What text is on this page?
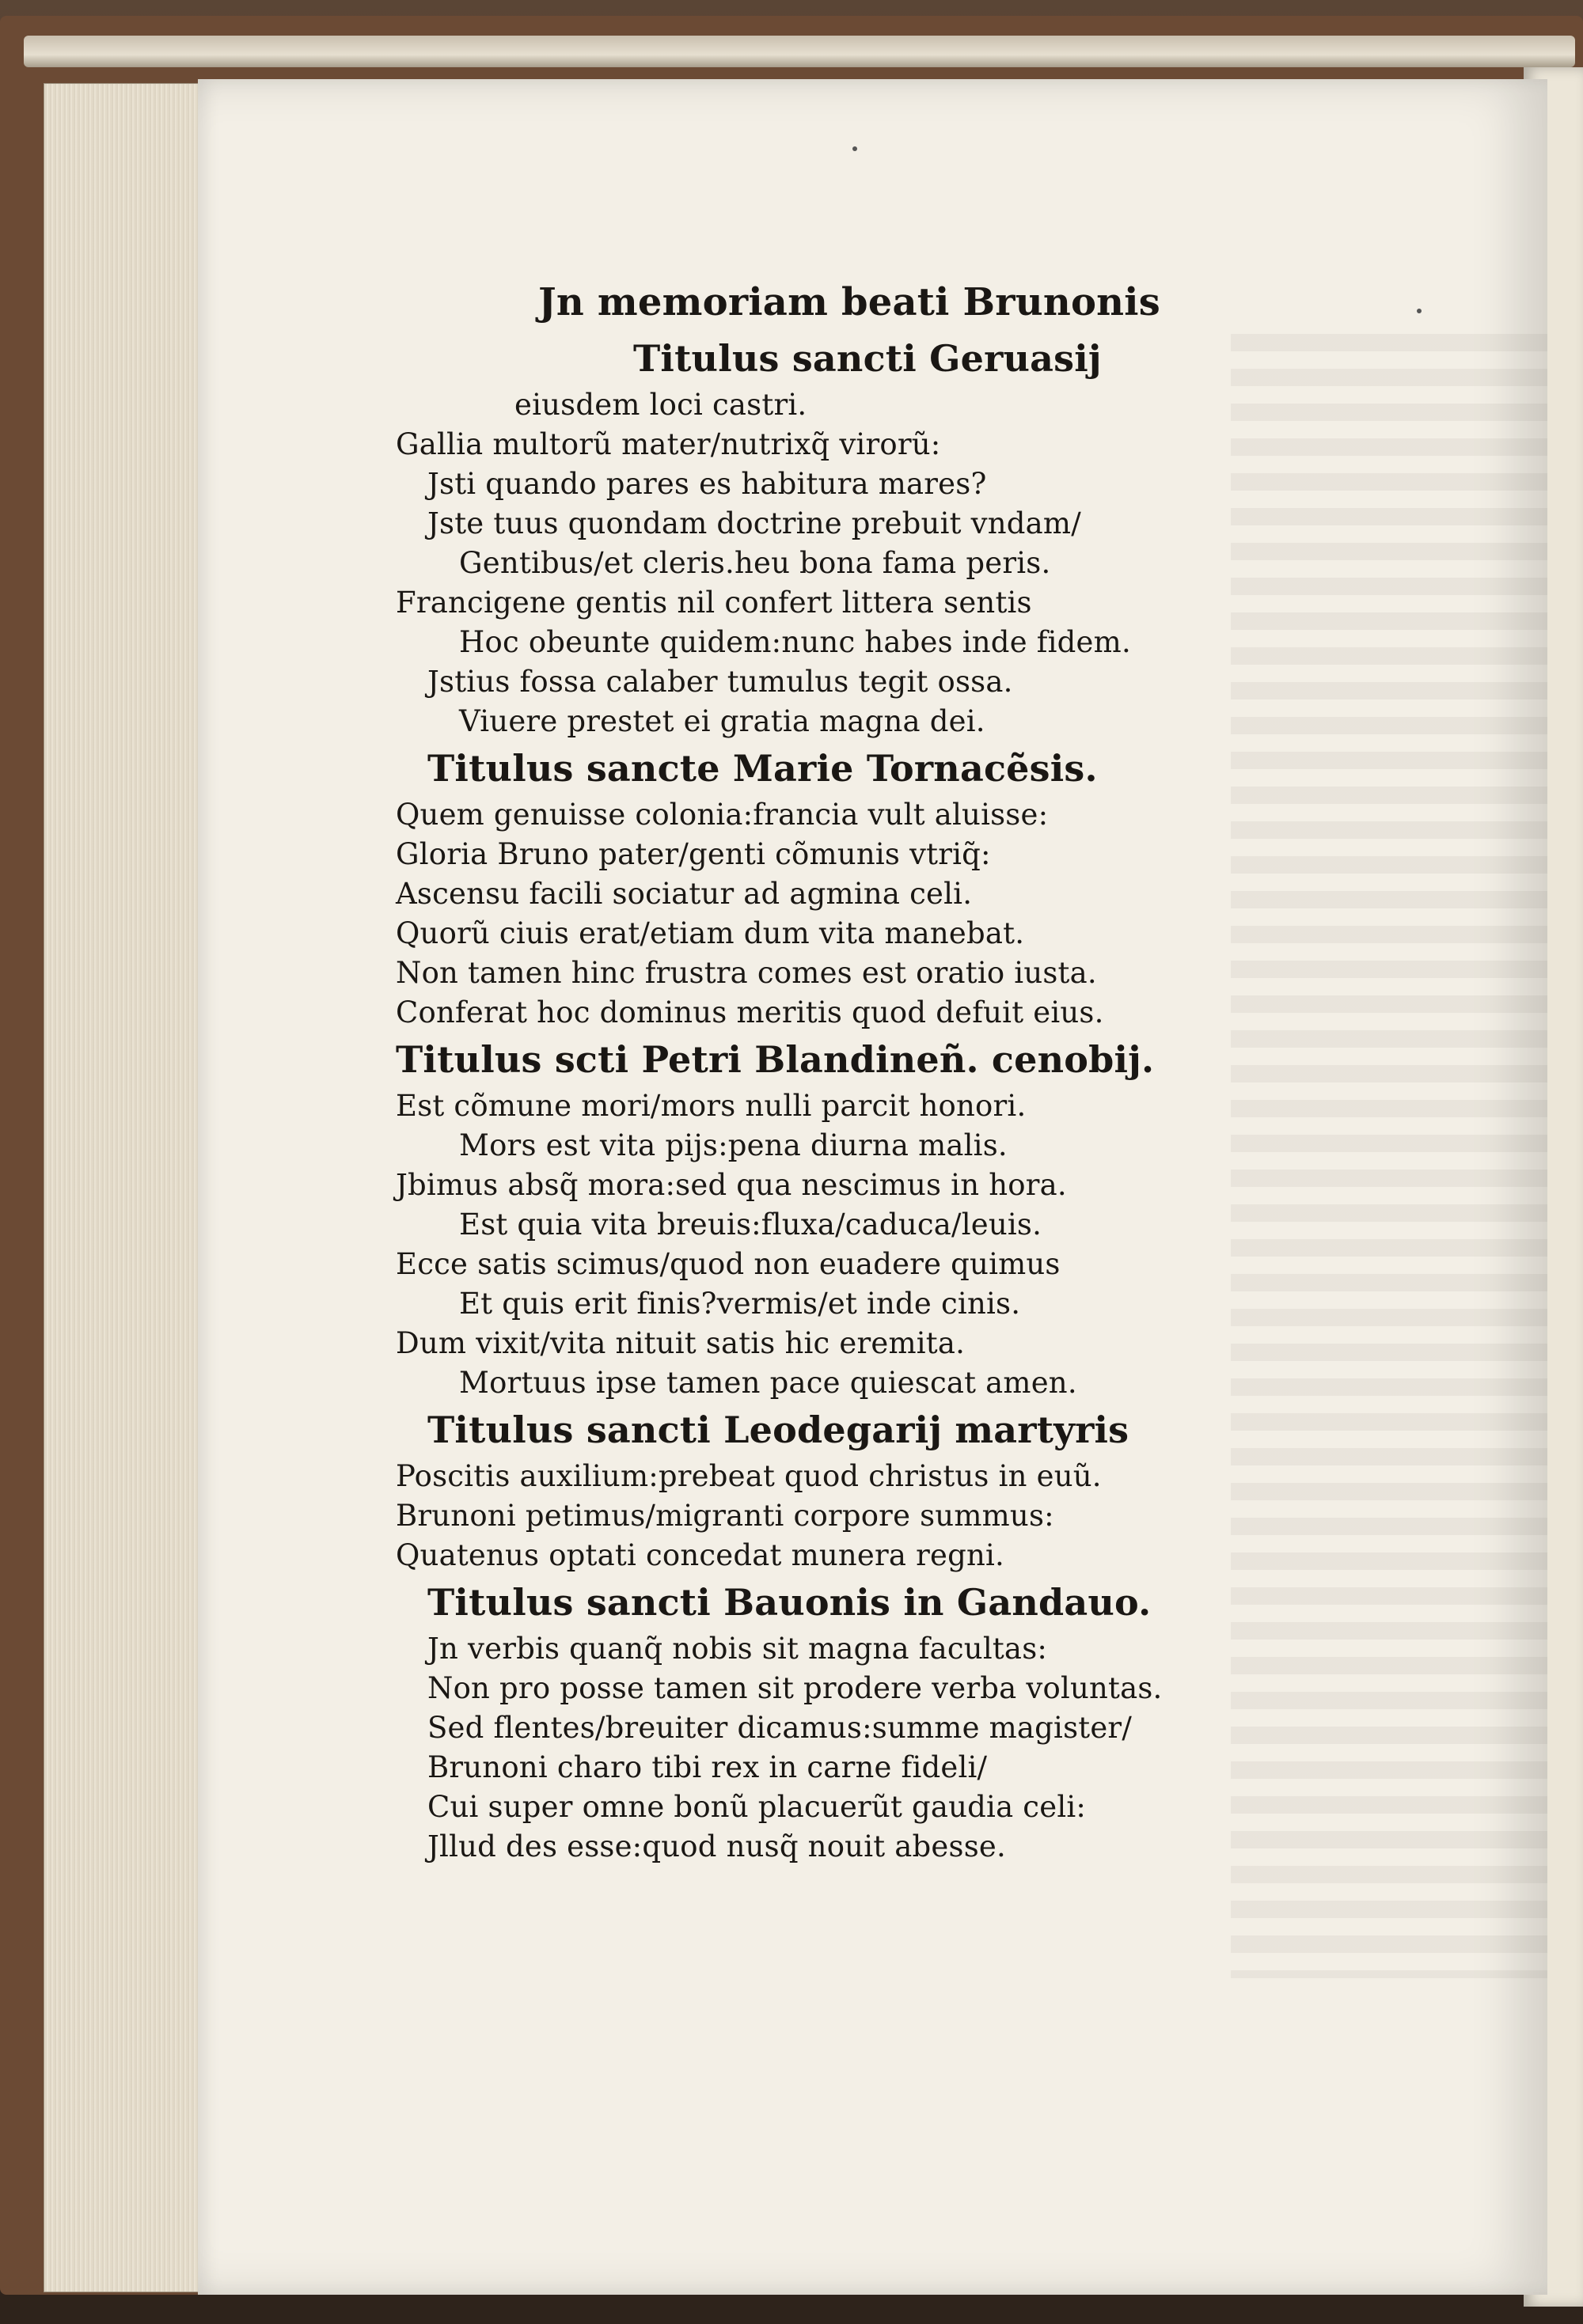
Jn memoriam beati Brunonis
Titulus sancti Geruasij
eiusdem loci castri.
Gallia multorũ mater/nutrixq̃ virorũ:
Jsti quando pares es habitura mares?
Jste tuus quondam doctrine prebuit vndam/
Gentibus/et cleris.heu bona fama peris.
Francigene gentis nil confert littera sentis
Hoc obeunte quidem:nunc habes inde fidem.
Jstius fossa calaber tumulus tegit ossa.
Viuere prestet ei gratia magna dei.
Titulus sancte Marie Tornacẽsis.
Quem genuisse colonia:francia vult aluisse:
Gloria Bruno pater/genti cõmunis vtriq̃:
Ascensu facili sociatur ad agmina celi.
Quorũ ciuis erat/etiam dum vita manebat.
Non tamen hinc frustra comes est oratio iusta.
Conferat hoc dominus meritis quod defuit eius.
Titulus scti Petri Blandineñ. cenobij.
Est cõmune mori/mors nulli parcit honori.
Mors est vita pijs:pena diurna malis.
Jbimus absq̃ mora:sed qua nescimus in hora.
Est quia vita breuis:fluxa/caduca/leuis.
Ecce satis scimus/quod non euadere quimus
Et quis erit finis?vermis/et inde cinis.
Dum vixit/vita nituit satis hic eremita.
Mortuus ipse tamen pace quiescat amen.
Titulus sancti Leodegarij martyris
Poscitis auxilium:prebeat quod christus in euũ.
Brunoni petimus/migranti corpore summus:
Quatenus optati concedat munera regni.
Titulus sancti Bauonis in Gandauo.
Jn verbis quanq̃ nobis sit magna facultas:
Non pro posse tamen sit prodere verba voluntas.
Sed flentes/breuiter dicamus:summe magister/
Brunoni charo tibi rex in carne fideli/
Cui super omne bonũ placuerũt gaudia celi:
Jllud des esse:quod nusq̃ nouit abesse.
